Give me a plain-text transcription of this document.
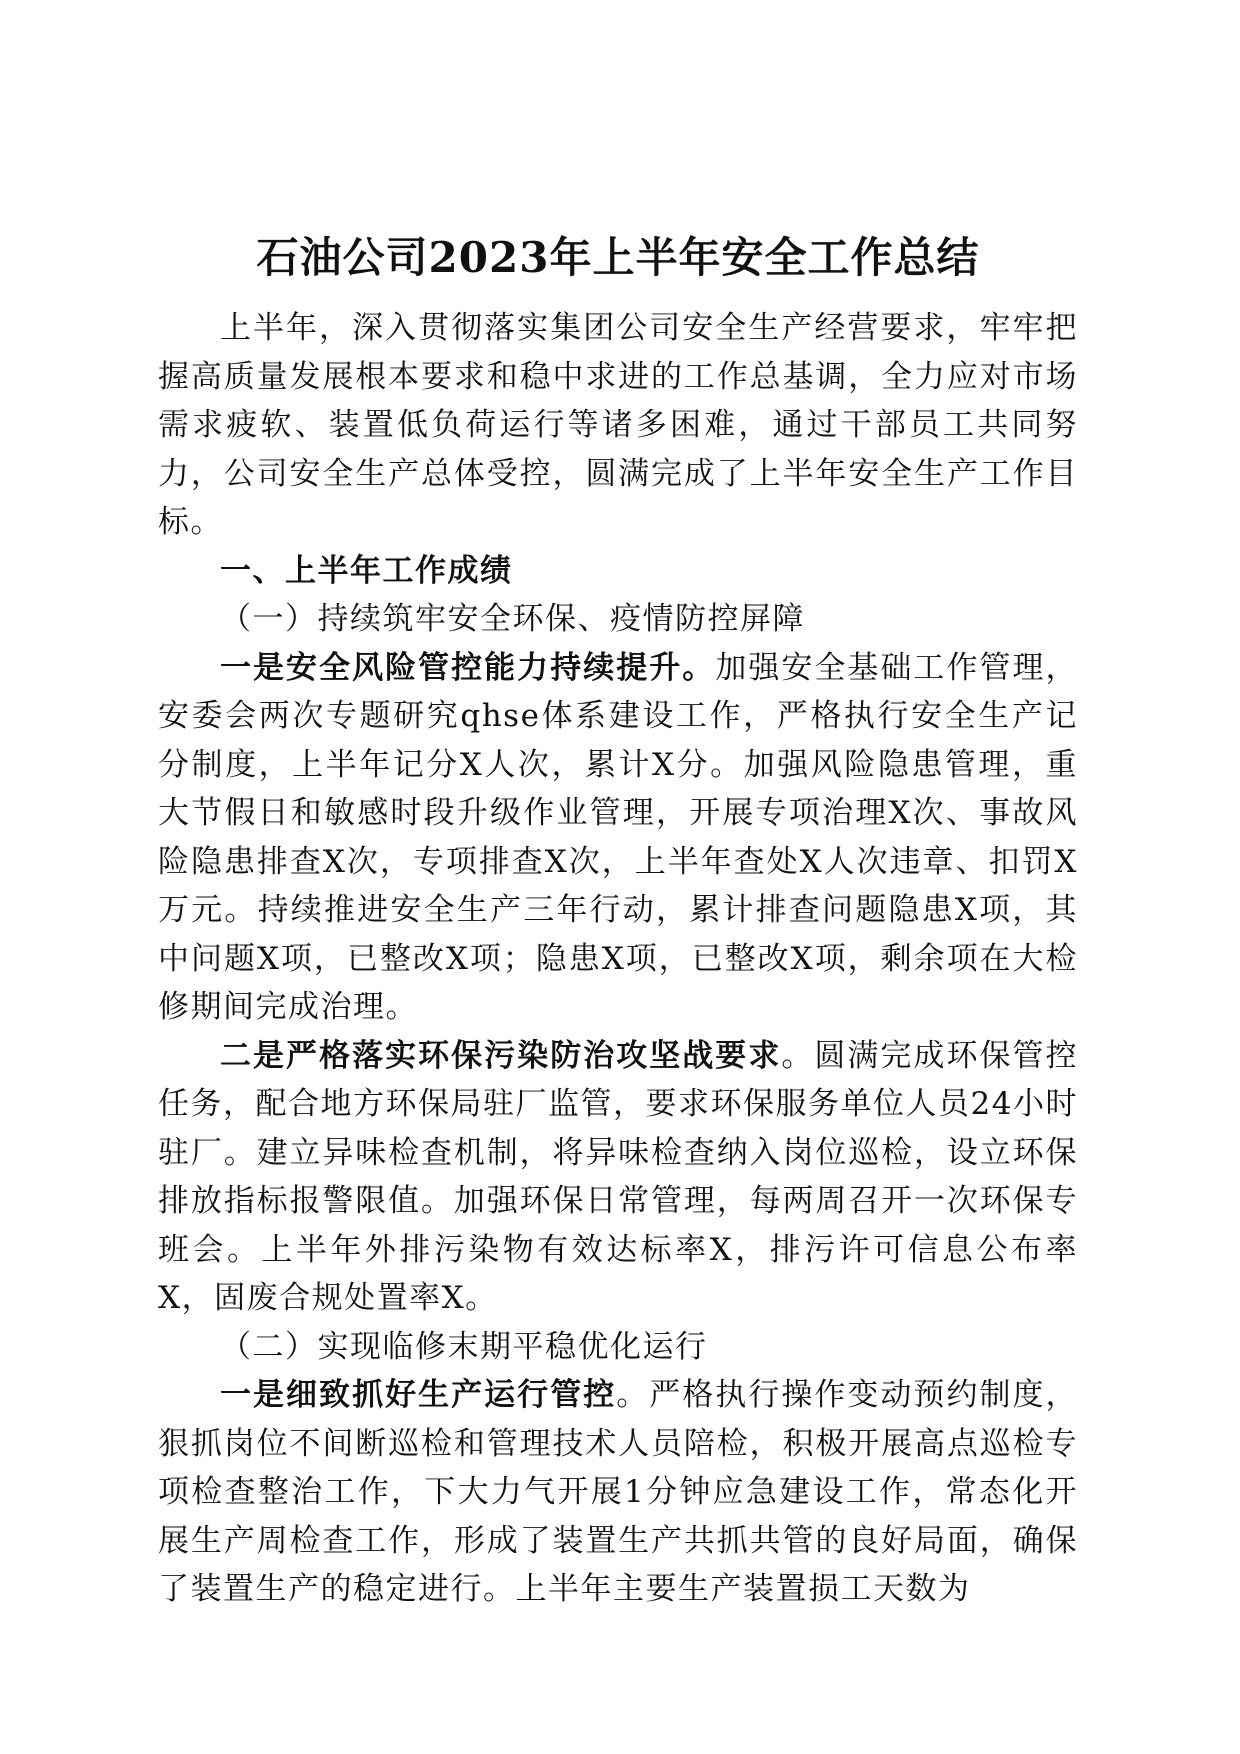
石油公司2023年上半年安全工作总结

上半年，深入贯彻落实集团公司安全生产经营要求，牢牢把握高质量发展根本要求和稳中求进的工作总基调，全力应对市场需求疲软、装置低负荷运行等诸多困难，通过干部员工共同努力，公司安全生产总体受控，圆满完成了上半年安全生产工作目标。

一、上半年工作成绩

（一）持续筑牢安全环保、疫情防控屏障

一是安全风险管控能力持续提升。加强安全基础工作管理，安委会两次专题研究qhse体系建设工作，严格执行安全生产记分制度，上半年记分X人次，累计X分。加强风险隐患管理，重大节假日和敏感时段升级作业管理，开展专项治理X次、事故风险隐患排查X次，专项排查X次，上半年查处X人次违章、扣罚X万元。持续推进安全生产三年行动，累计排查问题隐患X项，其中问题X项，已整改X项；隐患X项，已整改X项，剩余项在大检修期间完成治理。

二是严格落实环保污染防治攻坚战要求。圆满完成环保管控任务，配合地方环保局驻厂监管，要求环保服务单位人员24小时驻厂。建立异味检查机制，将异味检查纳入岗位巡检，设立环保排放指标报警限值。加强环保日常管理，每两周召开一次环保专班会。上半年外排污染物有效达标率X，排污许可信息公布率X，固废合规处置率X。

（二）实现临修末期平稳优化运行

一是细致抓好生产运行管控。严格执行操作变动预约制度，狠抓岗位不间断巡检和管理技术人员陪检，积极开展高点巡检专项检查整治工作，下大力气开展1分钟应急建设工作，常态化开展生产周检查工作，形成了装置生产共抓共管的良好局面，确保了装置生产的稳定进行。上半年主要生产装置损工天数为
